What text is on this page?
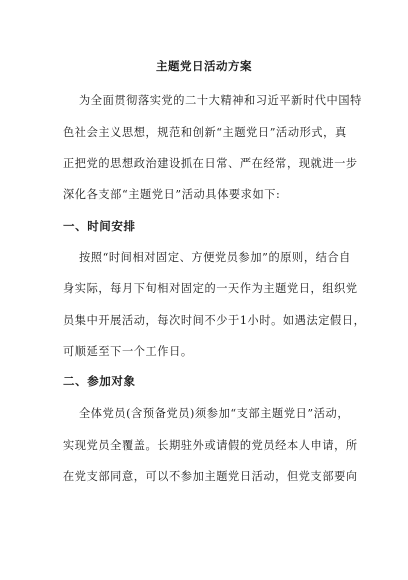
主题党日活动方案
为全面贯彻落实党的二十大精神和习近平新时代中国特
色社会主义思想，规范和创新“主题党日”活动形式，真
正把党的思想政治建设抓在日常、严在经常，现就进一步
深化各支部“主题党日”活动具体要求如下:
一、时间安排
按照“时间相对固定、方便党员参加”的原则，结合自
身实际，每月下旬相对固定的一天作为主题党日，组织党
员集中开展活动，每次时间不少于1小时。如遇法定假日，
可顺延至下一个工作日。
二、参加对象
全体党员(含预备党员)须参加“支部主题党日”活动，
实现党员全覆盖。长期驻外或请假的党员经本人申请，所
在党支部同意，可以不参加主题党日活动，但党支部要向
